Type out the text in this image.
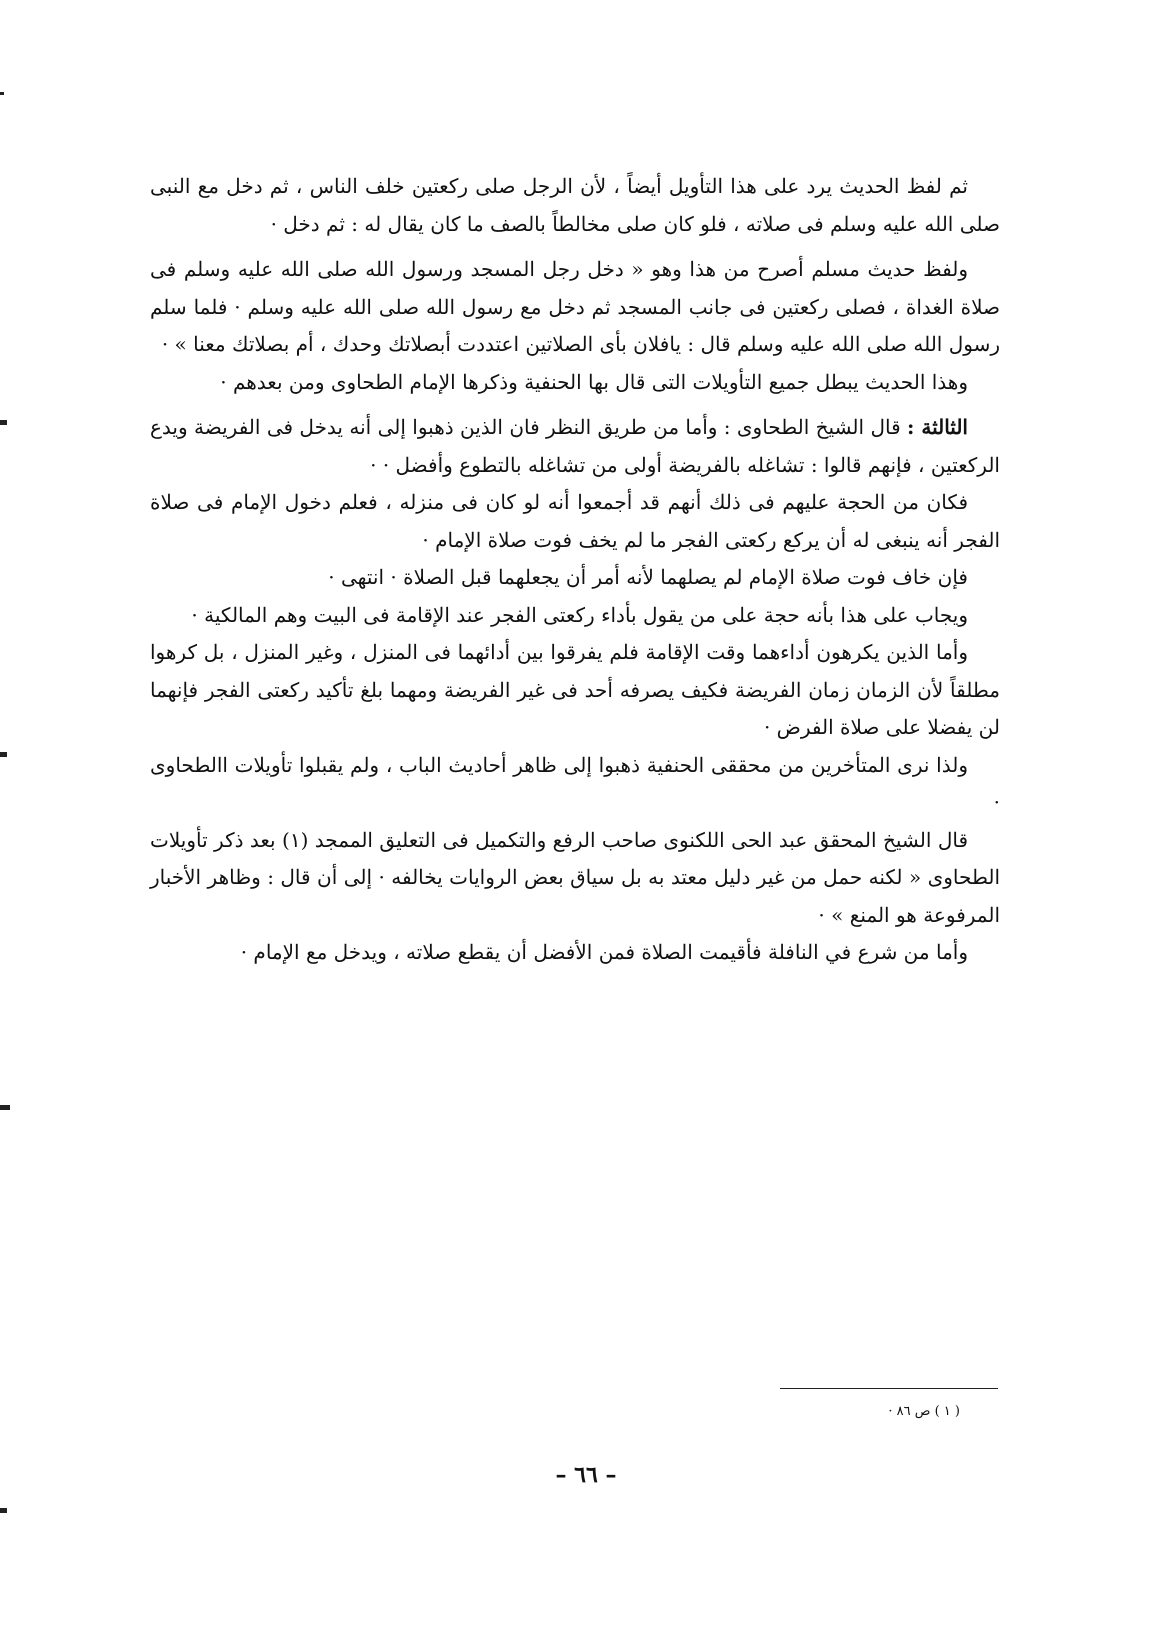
ثم لفظ الحديث يرد على هذا التأويل أيضاً ، لأن الرجل صلى ركعتين خلف الناس ، ثم دخل مع النبى صلى الله عليه وسلم فى صلاته ، فلو كان صلى مخالطاً بالصف ما كان يقال له : ثم دخل ·

ولفظ حديث مسلم أصرح من هذا وهو « دخل رجل المسجد ورسول الله صلى الله عليه وسلم فى صلاة الغداة ، فصلى ركعتين فى جانب المسجد ثم دخل مع رسول الله صلى الله عليه وسلم · فلما سلم رسول الله صلى الله عليه وسلم قال : يافلان بأى الصلاتين اعتددت أبصلاتك وحدك ، أم بصلاتك معنا » ·

وهذا الحديث يبطل جميع التأويلات التى قال بها الحنفية وذكرها الإمام الطحاوى ومن بعدهم ·

الثالثة : قال الشيخ الطحاوى : وأما من طريق النظر فان الذين ذهبوا إلى أنه يدخل فى الفريضة ويدع الركعتين ، فإنهم قالوا : تشاغله بالفريضة أولى من تشاغله بالتطوع وأفضل · ·

فكان من الحجة عليهم فى ذلك أنهم قد أجمعوا أنه لو كان فى منزله ، فعلم دخول الإمام فى صلاة الفجر أنه ينبغى له أن يركع ركعتى الفجر ما لم يخف فوت صلاة الإمام ·

فإن خاف فوت صلاة الإمام لم يصلهما لأنه أمر أن يجعلهما قبل الصلاة · انتهى ·

ويجاب على هذا بأنه حجة على من يقول بأداء ركعتى الفجر عند الإقامة فى البيت وهم المالكية ·

وأما الذين يكرهون أداءهما وقت الإقامة فلم يفرقوا بين أدائهما فى المنزل ، وغير المنزل ، بل كرهوا مطلقاً لأن الزمان زمان الفريضة فكيف يصرفه أحد فى غير الفريضة ومهما بلغ تأكيد ركعتى الفجر فإنهما لن يفضلا على صلاة الفرض ·

ولذا نرى المتأخرين من محققى الحنفية ذهبوا إلى ظاهر أحاديث الباب ، ولم يقبلوا تأويلات االطحاوى ·

قال الشيخ المحقق عبد الحى اللكنوى صاحب الرفع والتكميل فى التعليق الممجد (١) بعد ذكر تأويلات الطحاوى « لكنه حمل من غير دليل معتد به بل سياق بعض الروايات يخالفه · إلى أن قال : وظاهر الأخبار المرفوعة هو المنع » ·

وأما من شرع في النافلة فأقيمت الصلاة فمن الأفضل أن يقطع صلاته ، ويدخل مع الإمام ·

( ١ ) ص ٨٦ ·
– ٦٦ –
